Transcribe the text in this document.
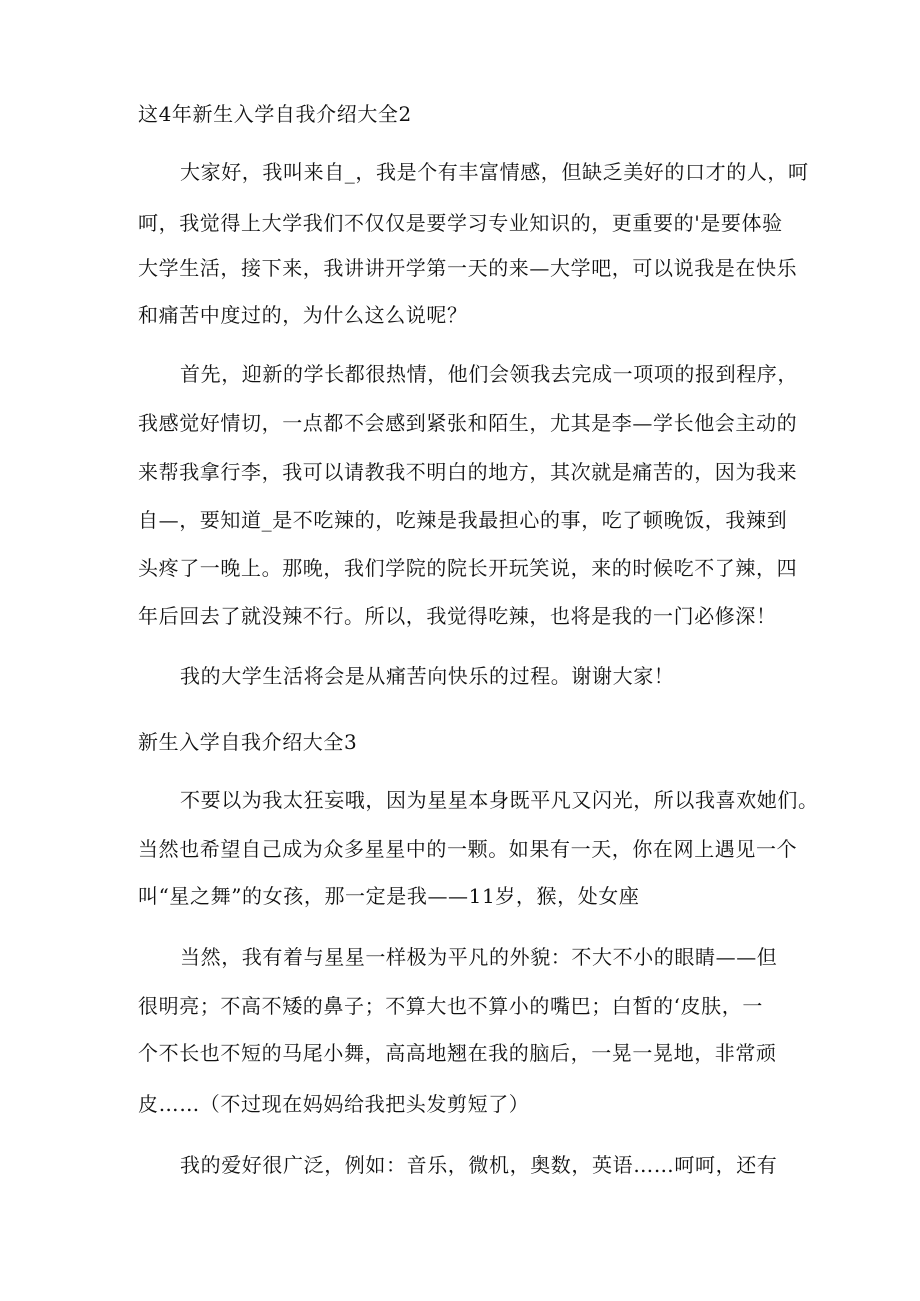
这4年新生入学自我介绍大全2
大家好，我叫来自_，我是个有丰富情感，但缺乏美好的口才的人，呵
呵，我觉得上大学我们不仅仅是要学习专业知识的，更重要的'是要体验
大学生活，接下来，我讲讲开学第一天的来—大学吧，可以说我是在快乐
和痛苦中度过的，为什么这么说呢？
首先，迎新的学长都很热情，他们会领我去完成一项项的报到程序，
我感觉好情切，一点都不会感到紧张和陌生，尤其是李—学长他会主动的
来帮我拿行李，我可以请教我不明白的地方，其次就是痛苦的，因为我来
自—，要知道_是不吃辣的，吃辣是我最担心的事，吃了顿晚饭，我辣到
头疼了一晚上。那晚，我们学院的院长开玩笑说，来的时候吃不了辣，四
年后回去了就没辣不行。所以，我觉得吃辣，也将是我的一门必修深！
我的大学生活将会是从痛苦向快乐的过程。谢谢大家！
新生入学自我介绍大全3
不要以为我太狂妄哦，因为星星本身既平凡又闪光，所以我喜欢她们。
当然也希望自己成为众多星星中的一颗。如果有一天，你在网上遇见一个
叫“星之舞”的女孩，那一定是我——11岁，猴，处女座
当然，我有着与星星一样极为平凡的外貌：不大不小的眼睛——但
很明亮；不高不矮的鼻子；不算大也不算小的嘴巴；白皙的‘皮肤，一
个不长也不短的马尾小舞，高高地翘在我的脑后，一晃一晃地，非常顽
皮……（不过现在妈妈给我把头发剪短了）
我的爱好很广泛，例如：音乐，微机，奥数，英语……呵呵，还有
